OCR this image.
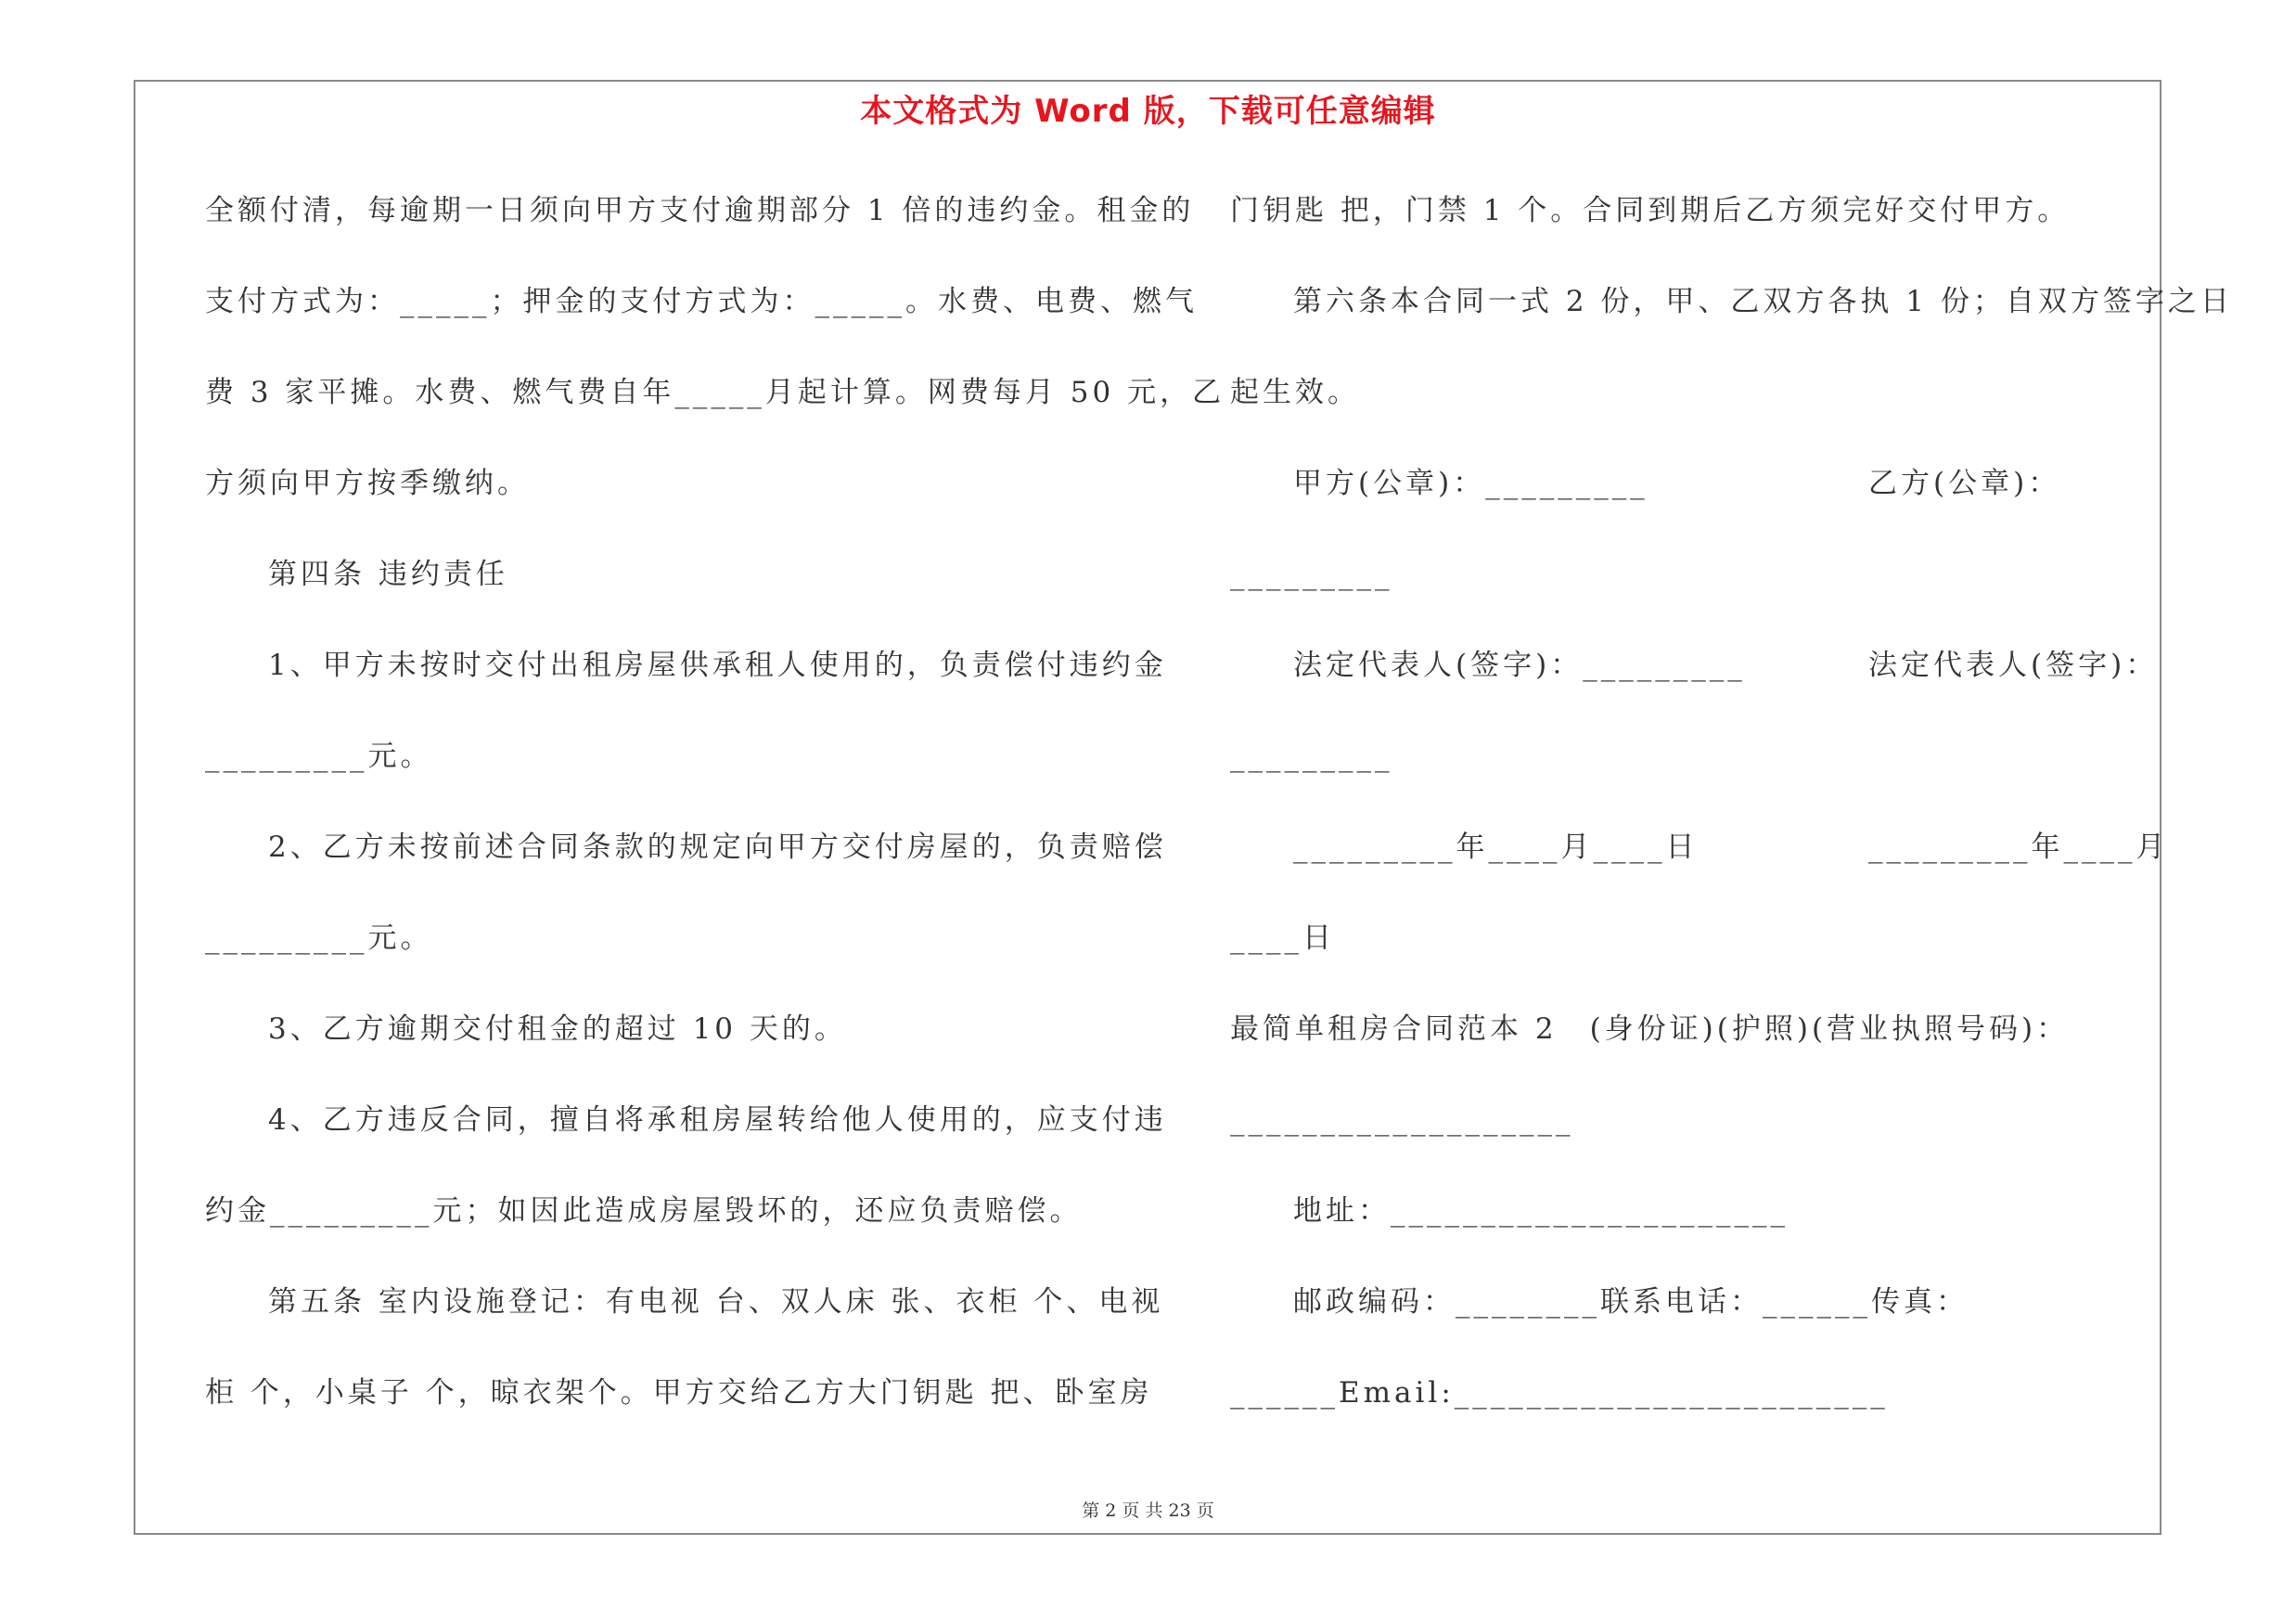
本文格式为 Word 版，下载可任意编辑
全额付清，每逾期一日须向甲方支付逾期部分 1 倍的违约金。租金的
支付方式为：_____；押金的支付方式为：_____。水费、电费、燃气
费 3 家平摊。水费、燃气费自年_____月起计算。网费每月 50 元，乙
方须向甲方按季缴纳。
第四条 违约责任
1、甲方未按时交付出租房屋供承租人使用的，负责偿付违约金
_________元。
2、乙方未按前述合同条款的规定向甲方交付房屋的，负责赔偿
_________元。
3、乙方逾期交付租金的超过 10 天的。
4、乙方违反合同，擅自将承租房屋转给他人使用的，应支付违
约金_________元；如因此造成房屋毁坏的，还应负责赔偿。
第五条 室内设施登记：有电视 台、双人床 张、衣柜 个、电视
柜 个，小桌子 个，晾衣架个。甲方交给乙方大门钥匙 把、卧室房
门钥匙 把，门禁 1 个。合同到期后乙方须完好交付甲方。
第六条本合同一式 2 份，甲、乙双方各执 1 份；自双方签字之日
起生效。
甲方(公章)：_________	乙方(公章)：
_________
法定代表人(签字)：_________	法定代表人(签字)：
_________
_________年____月____日	_________年____月
____日
最简单租房合同范本 2　(身份证)(护照)(营业执照号码)：
___________________
地址：______________________
邮政编码：________联系电话：______传真：
______Email:________________________
第 2 页 共 23 页
